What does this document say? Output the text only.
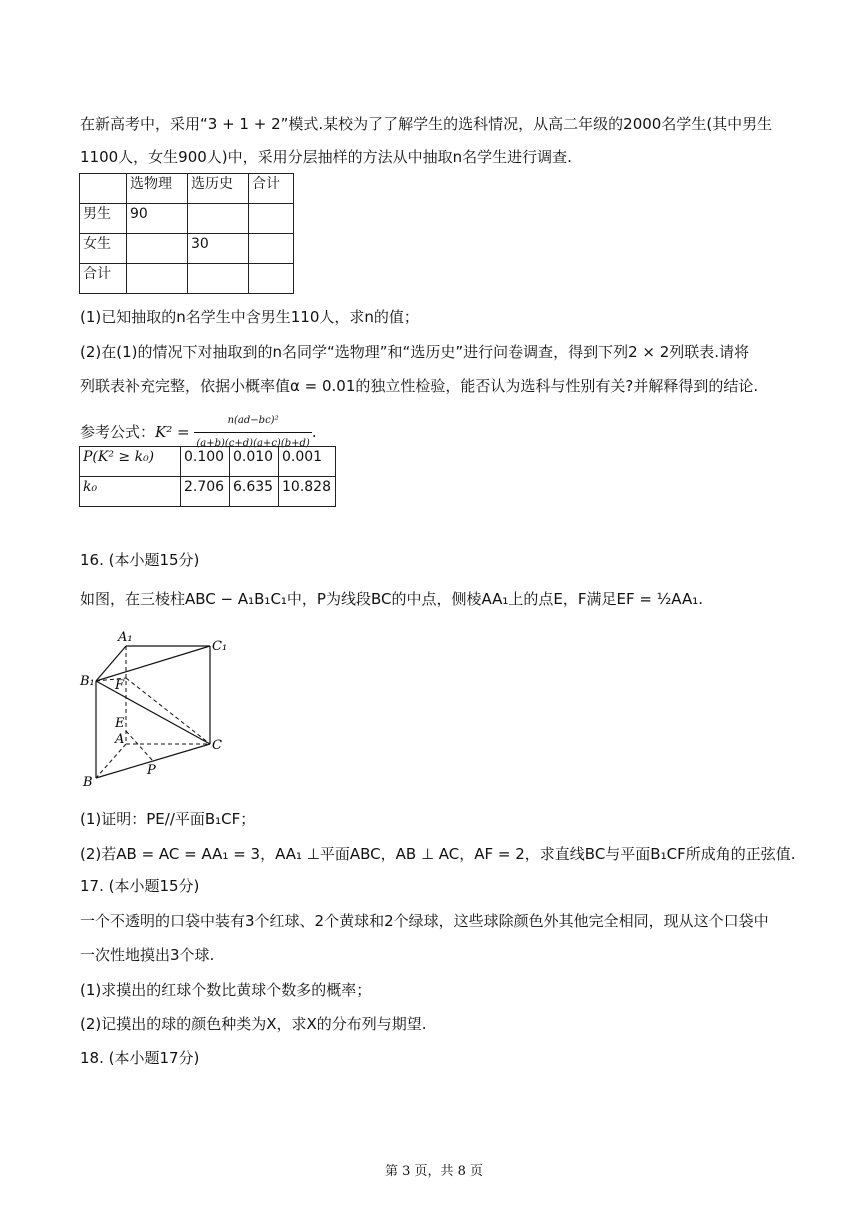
在新高考中，采用“3 + 1 + 2”模式.某校为了了解学生的选科情况，从高二年级的2000名学生(其中男生
1100人，女生900人)中，采用分层抽样的方法从中抽取n名学生进行调查.
	选物理	选历史	合计
男生	90		
女生		30	
合计			
(1)已知抽取的n名学生中含男生110人，求n的值；
(2)在(1)的情况下对抽取到的n名同学“选物理”和“选历史”进行问卷调查，得到下列2 × 2列联表.请将
列联表补充完整，依据小概率值α = 0.01的独立性检验，能否认为选科与性别有关?并解释得到的结论.
参考公式：$K^2 = \frac{\text{n(ad−bc)²}}{(a+b)(c+d)(a+c)(b+d)}$ .
P(K² ≥ k₀)	0.100	0.010	0.001
k₀	2.706	6.635	10.828
16. (本小题15分)
如图，在三棱柱ABC − A₁B₁C₁中，P为线段BC的中点，侧棱AA₁上的点E，F满足EF = ½AA₁.
A₁
C₁
B₁ F
E
A	C
P
B
(1)证明：PE//平面B₁CF；
(2)若AB = AC = AA₁ = 3，AA₁ ⊥平面ABC，AB ⊥ AC，AF = 2，求直线BC与平面B₁CF所成角的正弦值.
17. (本小题15分)
一个不透明的口袋中装有3个红球、2个黄球和2个绿球，这些球除颜色外其他完全相同，现从这个口袋中
一次性地摸出3个球.
(1)求摸出的红球个数比黄球个数多的概率；
(2)记摸出的球的颜色种类为X，求X的分布列与期望.
18. (本小题17分)
第 3 页，共 8 页
